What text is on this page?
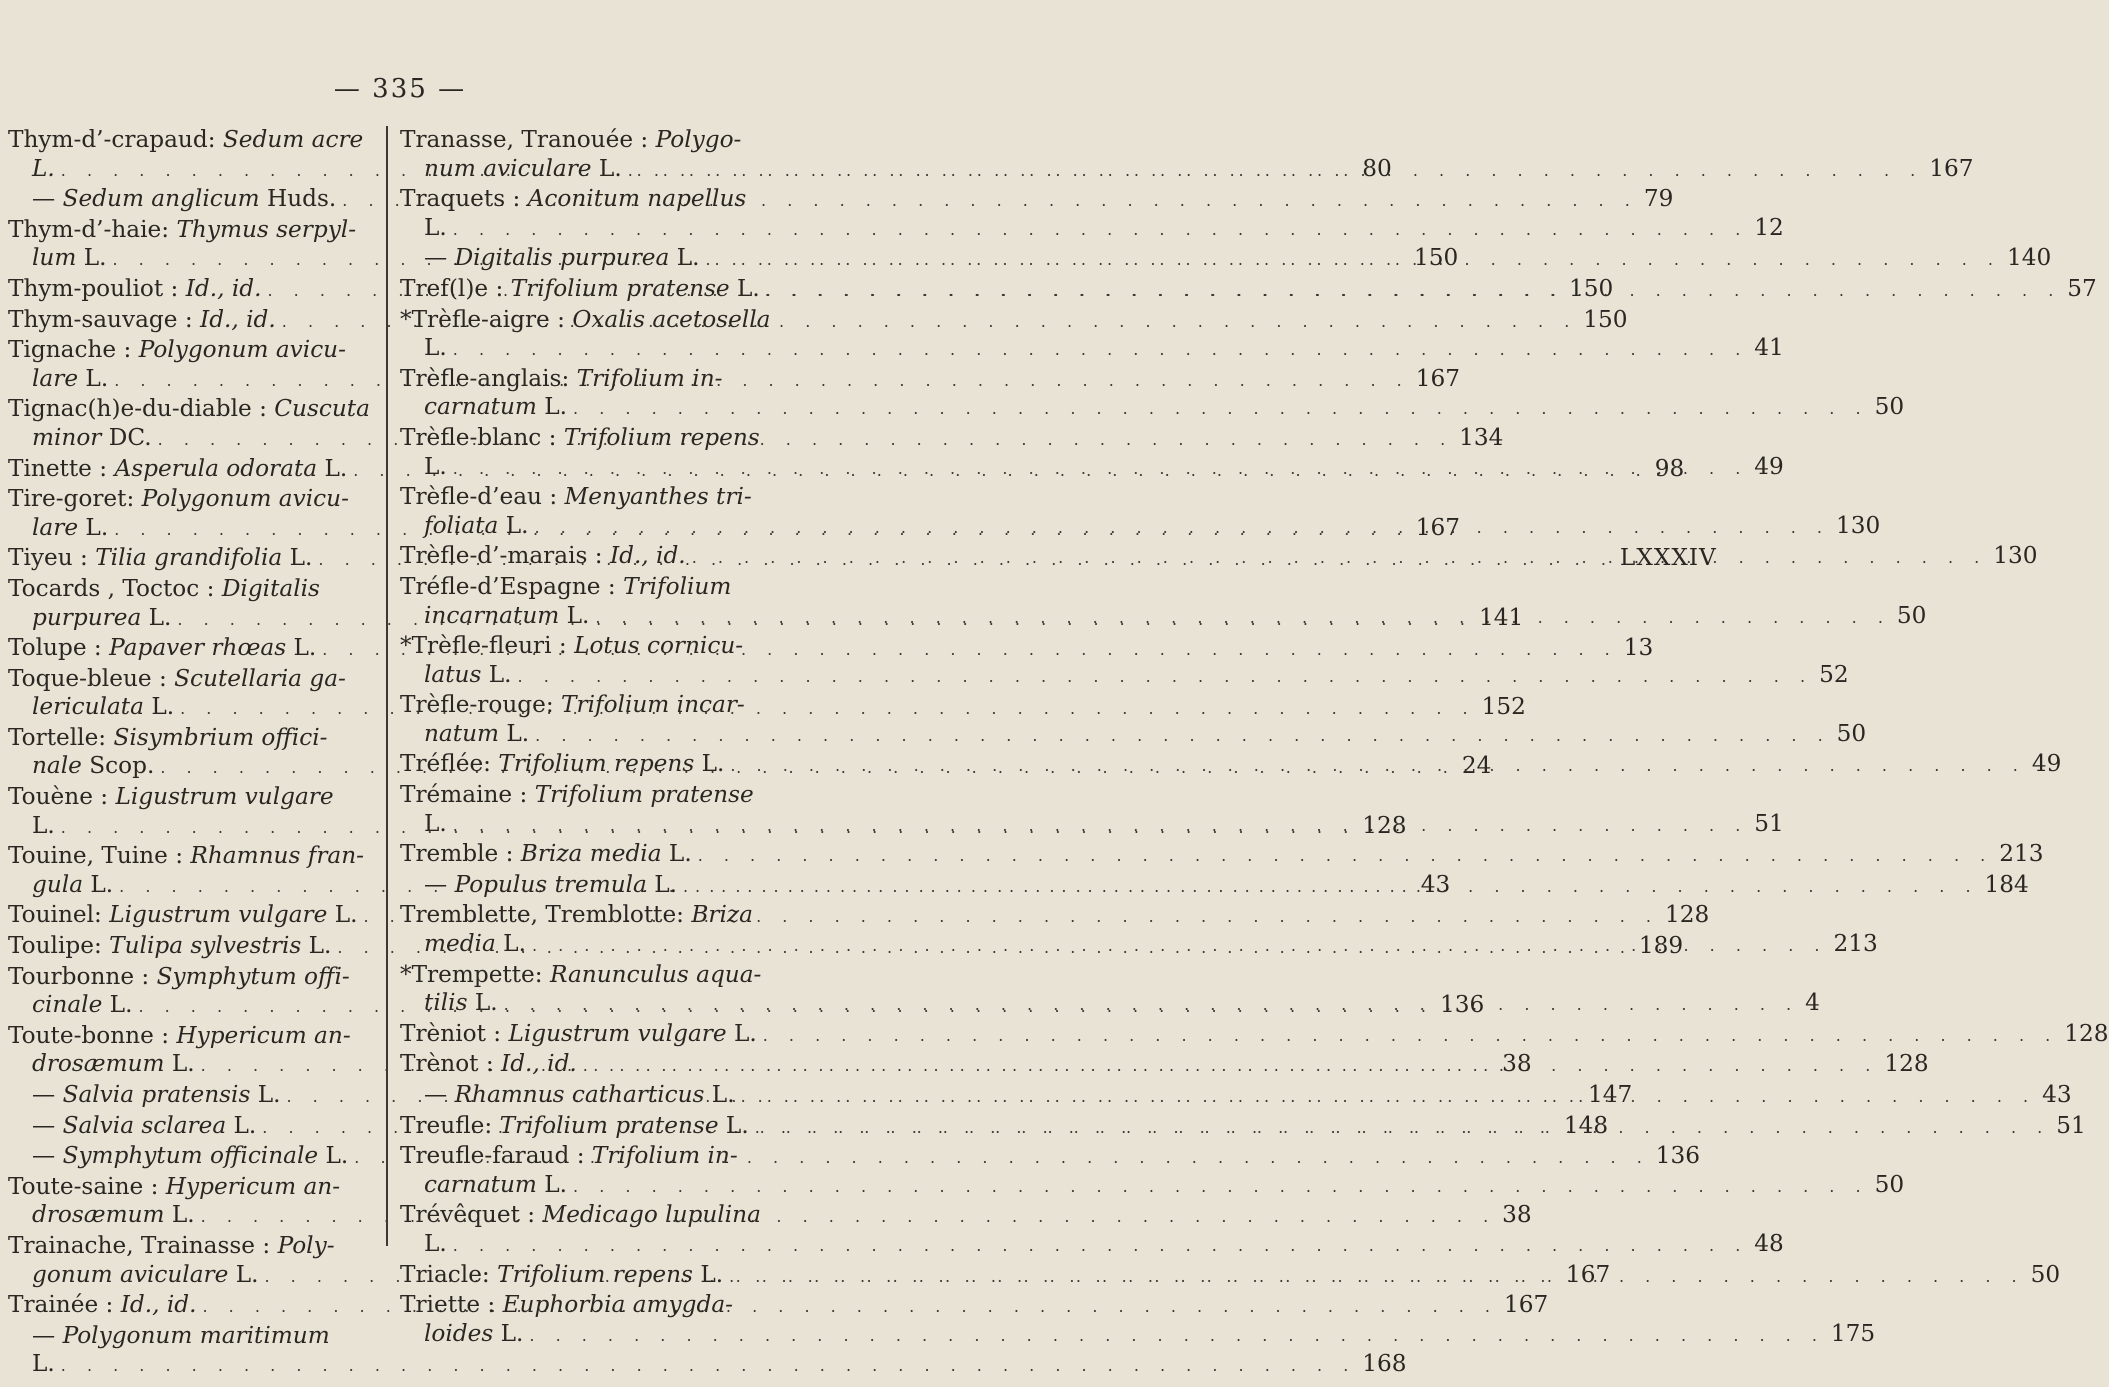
— 335 —
Thym-d’-crapaud: Sedum acre
L. . . .	80
— Sedum anglicum Huds. . . .	79
Thym-d’-haie: Thymus serpyl-
lum L. . . .	150
Thym-pouliot : Id., id. . . .	150
Thym-sauvage : Id., id. . . .	150
Tignache : Polygonum avicu-
lare L. . . .	167
Tignac(h)e-du-diable : Cuscuta
minor DC. . . .	134
Tinette : Asperula odorata L. . . .	98
Tire-goret: Polygonum avicu-
lare L. . . .	167
Tiyeu : Tilia grandifolia L. . . .	LXXXIV
Tocards , Toctoc : Digitalis
purpurea L. . . .	141
Tolupe : Papaver rhœas L. . . .	13
Toque-bleue : Scutellaria ga-
lericulata L. . . .	152
Tortelle: Sisymbrium offici-
nale Scop. . . .	24
Touène : Ligustrum vulgare
L. . . .	128
Touine, Tuine : Rhamnus fran-
gula L. . . .	43
Touinel: Ligustrum vulgare L. . . .	128
Toulipe: Tulipa sylvestris L. . . .	189
Tourbonne : Symphytum offi-
cinale L. . . .	136
Toute-bonne : Hypericum an-
drosæmum L. . . .	38
— Salvia pratensis L. . . .	147
— Salvia sclarea L. . . .	148
— Symphytum officinale L. . . .	136
Toute-saine : Hypericum an-
drosæmum L. . . .	38
Trainache, Trainasse : Poly-
gonum aviculare L. . . .	167
Trainée : Id., id. . . .	167
— Polygonum maritimum
L. . . .	168
Tranasse, Tranouée : Polygo-
num aviculare L. . . .	167
Traquets : Aconitum napellus
L. . . .	12
— Digitalis purpurea L. . . .	140
Tref(l)e : Trifolium pratense L. . . .	57
*Trèfle-aigre : Oxalis acetosella
L. . . .	41
Trèfle-anglais: Trifolium in-
carnatum L. . . .	50
Trèfle-blanc : Trifolium repens
L. . . .	49
Trèfle-d’eau : Menyanthes tri-
foliata L. . . .	130
Trèfle-d’-marais : Id., id. . . .	130
Tréfle-d’Espagne : Trifolium
incarnatum L. . . .	50
*Trèfle-fleuri : Lotus cornicu-
latus L. . . .	52
Trèfle-rouge: Trifolium incar-
natum L. . . .	50
Tréflée: Trifolium repens L. . . .	49
Trémaine : Trifolium pratense
L. . . .	51
Tremble : Briza media L. . . .	213
— Populus tremula L. . . .	184
Tremblette, Tremblotte: Briza
media L. . . .	213
*Trempette: Ranunculus aqua-
tilis L. . . .	4
Trèniot : Ligustrum vulgare L. . . .	128
Trènot : Id., id. . . .	128
— Rhamnus catharticus L. . . .	43
Treufle: Trifolium pratense L. . . .	51
Treufle-faraud : Trifolium in-
carnatum L. . . .	50
Trévêquet : Medicago lupulina
L. . . .	48
Triacle: Trifolium repens L. . . .	50
Triette : Euphorbia amygda-
loides L. . . .	175
